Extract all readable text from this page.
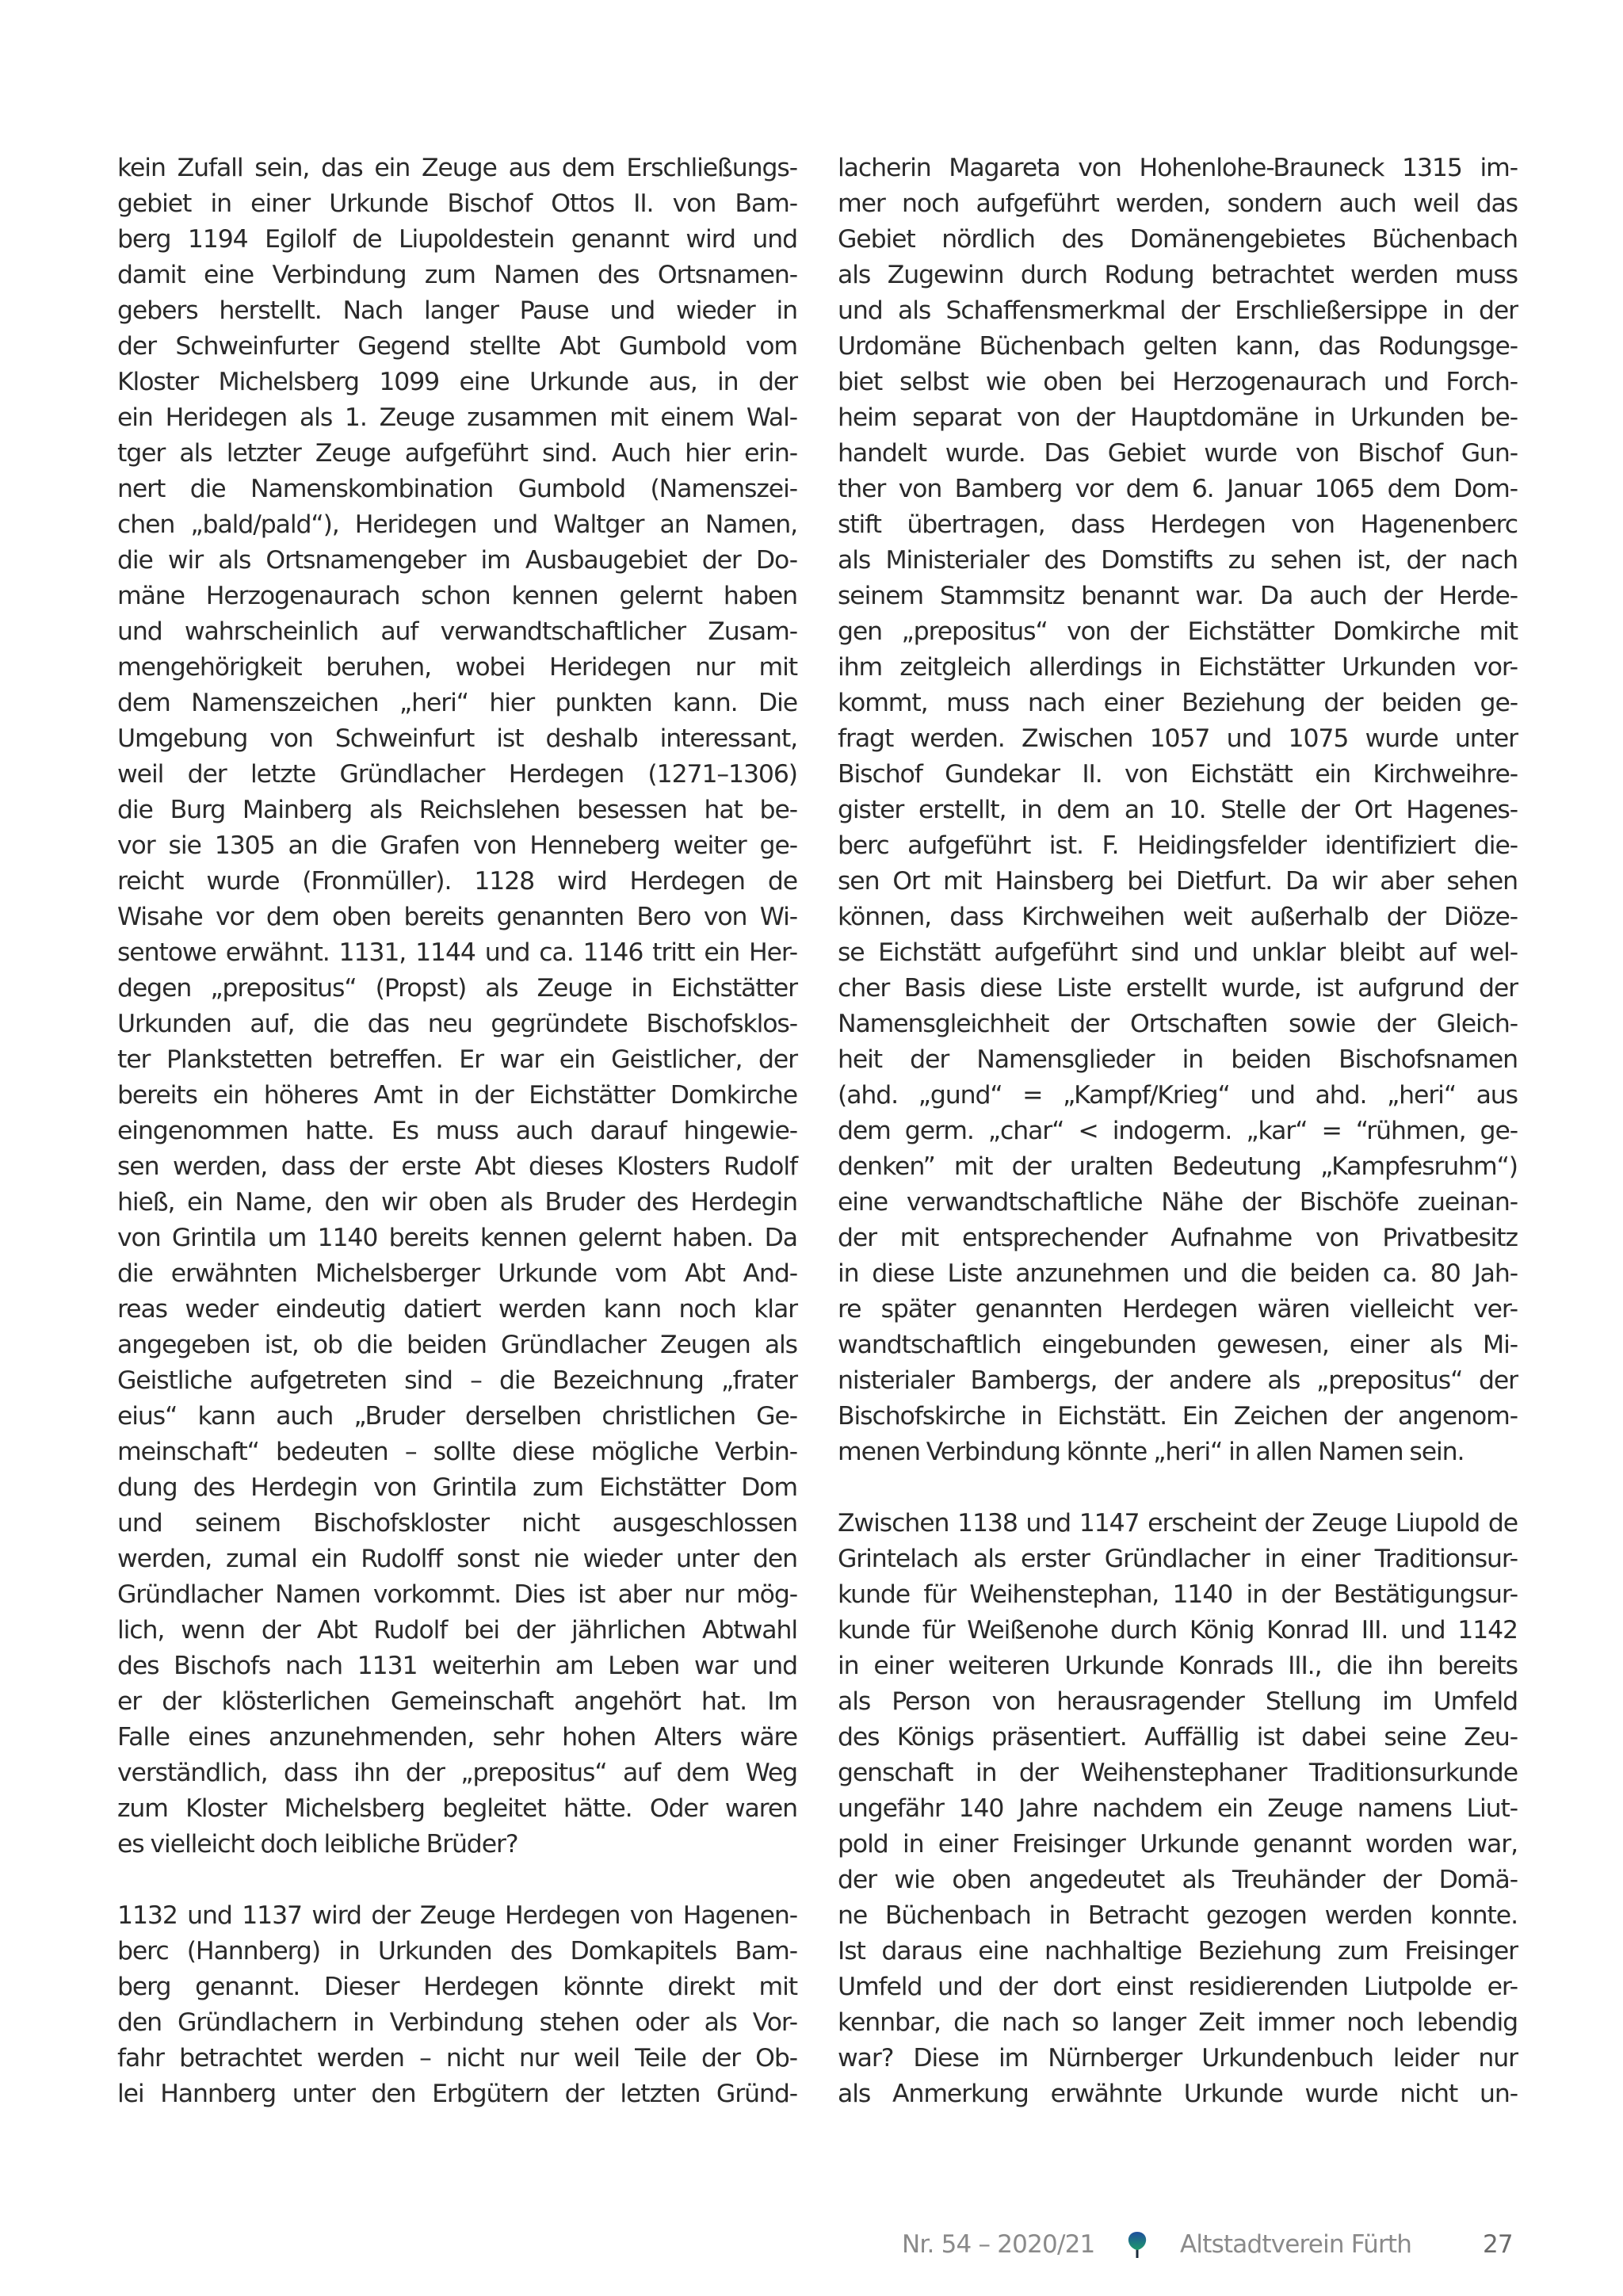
kein Zufall sein, das ein Zeuge aus dem Erschließungs-
gebiet in einer Urkunde Bischof Ottos II. von Bam-
berg 1194 Egilolf de Liupoldestein genannt wird und
damit eine Verbindung zum Namen des Ortsnamen-
gebers herstellt. Nach langer Pause und wieder in
der Schweinfurter Gegend stellte Abt Gumbold vom
Kloster Michelsberg 1099 eine Urkunde aus, in der
ein Heridegen als 1. Zeuge zusammen mit einem Wal-
tger als letzter Zeuge aufgeführt sind. Auch hier erin-
nert die Namenskombination Gumbold (Namenszei-
chen „bald/pald“), Heridegen und Waltger an Namen,
die wir als Ortsnamengeber im Ausbaugebiet der Do-
mäne Herzogenaurach schon kennen gelernt haben
und wahrscheinlich auf verwandtschaftlicher Zusam-
mengehörigkeit beruhen, wobei Heridegen nur mit
dem Namenszeichen „heri“ hier punkten kann. Die
Umgebung von Schweinfurt ist deshalb interessant,
weil der letzte Gründlacher Herdegen (1271–1306)
die Burg Mainberg als Reichslehen besessen hat be-
vor sie 1305 an die Grafen von Henneberg weiter ge-
reicht wurde (Fronmüller). 1128 wird Herdegen de
Wisahe vor dem oben bereits genannten Bero von Wi-
sentowe erwähnt. 1131, 1144 und ca. 1146 tritt ein Her-
degen „prepositus“ (Propst) als Zeuge in Eichstätter
Urkunden auf, die das neu gegründete Bischofsklos-
ter Plankstetten betreffen. Er war ein Geistlicher, der
bereits ein höheres Amt in der Eichstätter Domkirche
eingenommen hatte. Es muss auch darauf hingewie-
sen werden, dass der erste Abt dieses Klosters Rudolf
hieß, ein Name, den wir oben als Bruder des Herdegin
von Grintila um 1140 bereits kennen gelernt haben. Da
die erwähnten Michelsberger Urkunde vom Abt And-
reas weder eindeutig datiert werden kann noch klar
angegeben ist, ob die beiden Gründlacher Zeugen als
Geistliche aufgetreten sind – die Bezeichnung „frater
eius“ kann auch „Bruder derselben christlichen Ge-
meinschaft“ bedeuten – sollte diese mögliche Verbin-
dung des Herdegin von Grintila zum Eichstätter Dom
und seinem Bischofskloster nicht ausgeschlossen
werden, zumal ein Rudolff sonst nie wieder unter den
Gründlacher Namen vorkommt. Dies ist aber nur mög-
lich, wenn der Abt Rudolf bei der jährlichen Abtwahl
des Bischofs nach 1131 weiterhin am Leben war und
er der klösterlichen Gemeinschaft angehört hat. Im
Falle eines anzunehmenden, sehr hohen Alters wäre
verständlich, dass ihn der „prepositus“ auf dem Weg
zum Kloster Michelsberg begleitet hätte. Oder waren
es vielleicht doch leibliche Brüder?
1132 und 1137 wird der Zeuge Herdegen von Hagenen-
berc (Hannberg) in Urkunden des Domkapitels Bam-
berg genannt. Dieser Herdegen könnte direkt mit
den Gründlachern in Verbindung stehen oder als Vor-
fahr betrachtet werden – nicht nur weil Teile der Ob-
lei Hannberg unter den Erbgütern der letzten Gründ-
lacherin Magareta von Hohenlohe-Brauneck 1315 im-
mer noch aufgeführt werden, sondern auch weil das
Gebiet nördlich des Domänengebietes Büchenbach
als Zugewinn durch Rodung betrachtet werden muss
und als Schaffensmerkmal der Erschließersippe in der
Urdomäne Büchenbach gelten kann, das Rodungsge-
biet selbst wie oben bei Herzogenaurach und Forch-
heim separat von der Hauptdomäne in Urkunden be-
handelt wurde. Das Gebiet wurde von Bischof Gun-
ther von Bamberg vor dem 6. Januar 1065 dem Dom-
stift übertragen, dass Herdegen von Hagenenberc
als Ministerialer des Domstifts zu sehen ist, der nach
seinem Stammsitz benannt war. Da auch der Herde-
gen „prepositus“ von der Eichstätter Domkirche mit
ihm zeitgleich allerdings in Eichstätter Urkunden vor-
kommt, muss nach einer Beziehung der beiden ge-
fragt werden. Zwischen 1057 und 1075 wurde unter
Bischof Gundekar II. von Eichstätt ein Kirchweihre-
gister erstellt, in dem an 10. Stelle der Ort Hagenes-
berc aufgeführt ist. F. Heidingsfelder identifiziert die-
sen Ort mit Hainsberg bei Dietfurt. Da wir aber sehen
können, dass Kirchweihen weit außerhalb der Diöze-
se Eichstätt aufgeführt sind und unklar bleibt auf wel-
cher Basis diese Liste erstellt wurde, ist aufgrund der
Namensgleichheit der Ortschaften sowie der Gleich-
heit der Namensglieder in beiden Bischofsnamen
(ahd. „gund“ = „Kampf/Krieg“ und ahd. „heri“ aus
dem germ. „char“ < indogerm. „kar“ = “rühmen, ge-
denken” mit der uralten Bedeutung „Kampfesruhm“)
eine verwandtschaftliche Nähe der Bischöfe zueinan-
der mit entsprechender Aufnahme von Privatbesitz
in diese Liste anzunehmen und die beiden ca. 80 Jah-
re später genannten Herdegen wären vielleicht ver-
wandtschaftlich eingebunden gewesen, einer als Mi-
nisterialer Bambergs, der andere als „prepositus“ der
Bischofskirche in Eichstätt. Ein Zeichen der angenom-
menen Verbindung könnte „heri“ in allen Namen sein.
Zwischen 1138 und 1147 erscheint der Zeuge Liupold de
Grintelach als erster Gründlacher in einer Traditionsur-
kunde für Weihenstephan, 1140 in der Bestätigungsur-
kunde für Weißenohe durch König Konrad III. und 1142
in einer weiteren Urkunde Konrads III., die ihn bereits
als Person von herausragender Stellung im Umfeld
des Königs präsentiert. Auffällig ist dabei seine Zeu-
genschaft in der Weihenstephaner Traditionsurkunde
ungefähr 140 Jahre nachdem ein Zeuge namens Liut-
pold in einer Freisinger Urkunde genannt worden war,
der wie oben angedeutet als Treuhänder der Domä-
ne Büchenbach in Betracht gezogen werden konnte.
Ist daraus eine nachhaltige Beziehung zum Freisinger
Umfeld und der dort einst residierenden Liutpolde er-
kennbar, die nach so langer Zeit immer noch lebendig
war? Diese im Nürnberger Urkundenbuch leider nur
als Anmerkung erwähnte Urkunde wurde nicht un-
Nr. 54 – 2020/21	Altstadtverein Fürth	27
